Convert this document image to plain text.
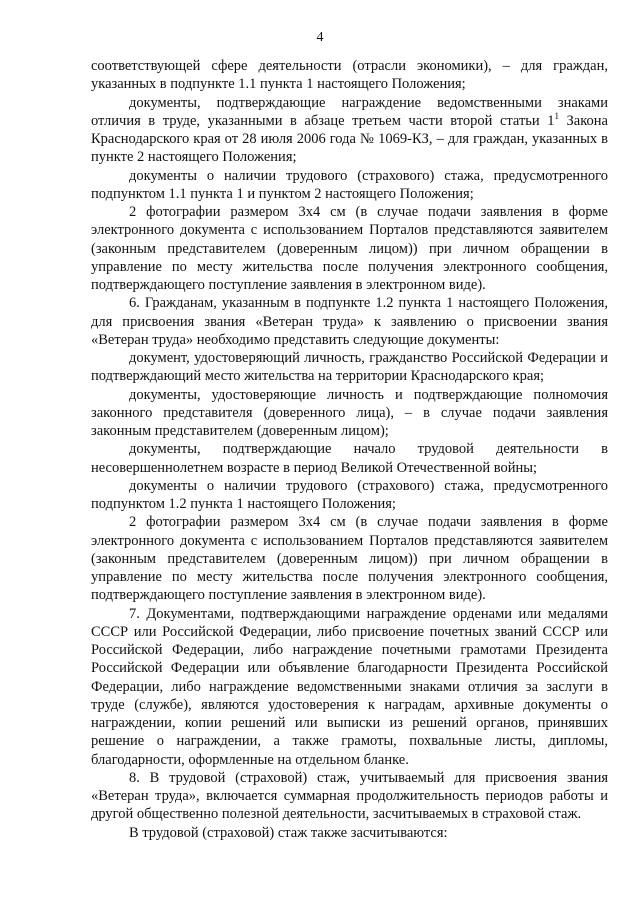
4

соответствующей сфере деятельности (отрасли экономики), – для граждан, указанных в подпункте 1.1 пункта 1 настоящего Положения;

документы, подтверждающие награждение ведомственными знаками отличия в труде, указанными в абзаце третьем части второй статьи $1^1$ Закона Краснодарского края от 28 июля 2006 года № 1069-КЗ, – для граждан, указанных в пункте 2 настоящего Положения;

документы о наличии трудового (страхового) стажа, предусмотренного подпунктом 1.1 пункта 1 и пунктом 2 настоящего Положения;

2 фотографии размером 3х4 см (в случае подачи заявления в форме электронного документа с использованием Порталов представляются заявителем (законным представителем (доверенным лицом)) при личном обращении в управление по месту жительства после получения электронного сообщения, подтверждающего поступление заявления в электронном виде).

6. Гражданам, указанным в подпункте 1.2 пункта 1 настоящего Положения, для присвоения звания «Ветеран труда» к заявлению о присвоении звания «Ветеран труда» необходимо представить следующие документы:

документ, удостоверяющий личность, гражданство Российской Федерации и подтверждающий место жительства на территории Краснодарского края;

документы, удостоверяющие личность и подтверждающие полномочия законного представителя (доверенного лица), – в случае подачи заявления законным представителем (доверенным лицом);

документы, подтверждающие начало трудовой деятельности в несовершеннолетнем возрасте в период Великой Отечественной войны;

документы о наличии трудового (страхового) стажа, предусмотренного подпунктом 1.2 пункта 1 настоящего Положения;

2 фотографии размером 3х4 см (в случае подачи заявления в форме электронного документа с использованием Порталов представляются заявителем (законным представителем (доверенным лицом)) при личном обращении в управление по месту жительства после получения электронного сообщения, подтверждающего поступление заявления в электронном виде).

7. Документами, подтверждающими награждение орденами или медалями СССР или Российской Федерации, либо присвоение почетных званий СССР или Российской Федерации, либо награждение почетными грамотами Президента Российской Федерации или объявление благодарности Президента Российской Федерации, либо награждение ведомственными знаками отличия за заслуги в труде (службе), являются удостоверения к наградам, архивные документы о награждении, копии решений или выписки из решений органов, принявших решение о награждении, а также грамоты, похвальные листы, дипломы, благодарности, оформленные на отдельном бланке.

8. В трудовой (страховой) стаж, учитываемый для присвоения звания «Ветеран труда», включается суммарная продолжительность периодов работы и другой общественно полезной деятельности, засчитываемых в страховой стаж.

В трудовой (страховой) стаж также засчитываются:
